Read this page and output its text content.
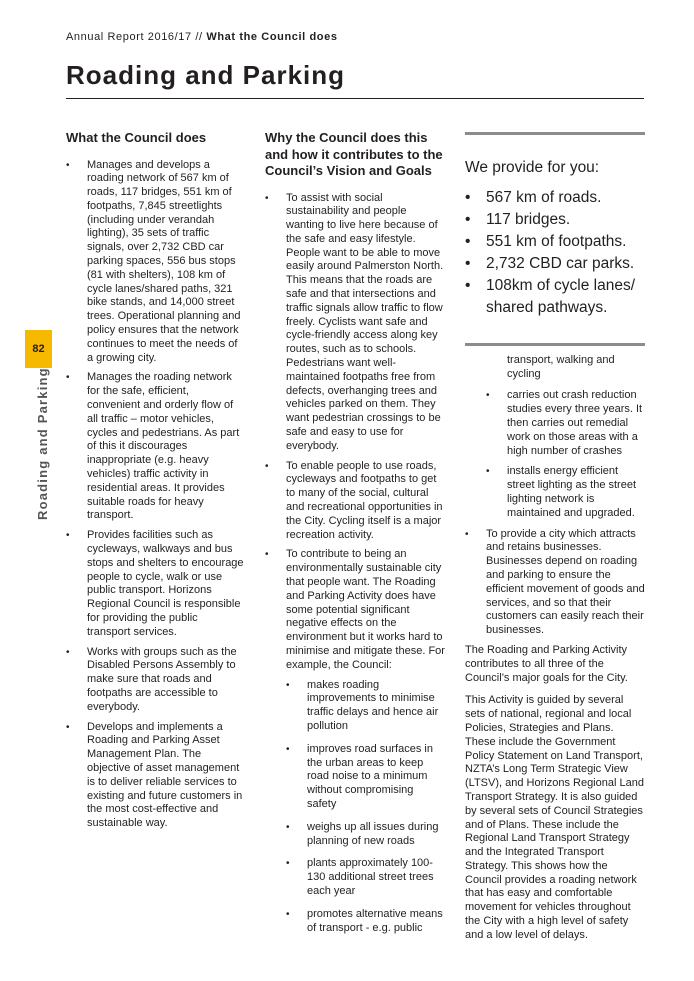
Annual Report 2016/17 // What the Council does
Roading and Parking
82
Roading and Parking
What the Council does
• Manages and develops a roading network of 567 km of roads, 117 bridges, 551 km of footpaths, 7,845 streetlights (including under verandah lighting), 35 sets of traffic signals, over 2,732 CBD car parking spaces, 556 bus stops (81 with shelters), 108 km of cycle lanes/shared paths, 321 bike stands, and 14,000 street trees. Operational planning and policy ensures that the network continues to meet the needs of a growing city.
• Manages the roading network for the safe, efficient, convenient and orderly flow of all traffic – motor vehicles, cycles and pedestrians. As part of this it discourages inappropriate (e.g. heavy vehicles) traffic activity in residential areas. It provides suitable roads for heavy transport.
• Provides facilities such as cycleways, walkways and bus stops and shelters to encourage people to cycle, walk or use public transport. Horizons Regional Council is responsible for providing the public transport services.
• Works with groups such as the Disabled Persons Assembly to make sure that roads and footpaths are accessible to everybody.
• Develops and implements a Roading and Parking Asset Management Plan. The objective of asset management is to deliver reliable services to existing and future customers in the most cost-effective and sustainable way.
Why the Council does this and how it contributes to the Council’s Vision and Goals
• To assist with social sustainability and people wanting to live here because of the safe and easy lifestyle. People want to be able to move easily around Palmerston North. This means that the roads are safe and that intersections and traffic signals allow traffic to flow freely. Cyclists want safe and cycle-friendly access along key routes, such as to schools. Pedestrians want well-maintained footpaths free from defects, overhanging trees and vehicles parked on them. They want pedestrian crossings to be safe and easy to use for everybody.
• To enable people to use roads, cycleways and footpaths to get to many of the social, cultural and recreational opportunities in the City. Cycling itself is a major recreation activity.
• To contribute to being an environmentally sustainable city that people want. The Roading and Parking Activity does have some potential significant negative effects on the environment but it works hard to minimise and mitigate these. For example, the Council:
• makes roading improvements to minimise traffic delays and hence air pollution
• improves road surfaces in the urban areas to keep road noise to a minimum without compromising safety
• weighs up all issues during planning of new roads
• plants approximately 100-130 additional street trees each year
• promotes alternative means of transport - e.g. public
We provide for you:
• 567 km of roads.
• 117 bridges.
• 551 km of footpaths.
• 2,732 CBD car parks.
• 108km of cycle lanes/ shared pathways.

transport, walking and cycling

• carries out crash reduction studies every three years. It then carries out remedial work on those areas with a high number of crashes
• installs energy efficient street lighting as the street lighting network is maintained and upgraded.
• To provide a city which attracts and retains businesses. Businesses depend on roading and parking to ensure the efficient movement of goods and services, and so that their customers can easily reach their businesses.

The Roading and Parking Activity contributes to all three of the Council’s major goals for the City.

This Activity is guided by several sets of national, regional and local Policies, Strategies and Plans. These include the Government Policy Statement on Land Transport, NZTA’s Long Term Strategic View (LTSV), and Horizons Regional Land Transport Strategy. It is also guided by several sets of Council Strategies and of Plans. These include the Regional Land Transport Strategy and the Integrated Transport Strategy. This shows how the Council provides a roading network that has easy and comfortable movement for vehicles throughout the City with a high level of safety and a low level of delays.
